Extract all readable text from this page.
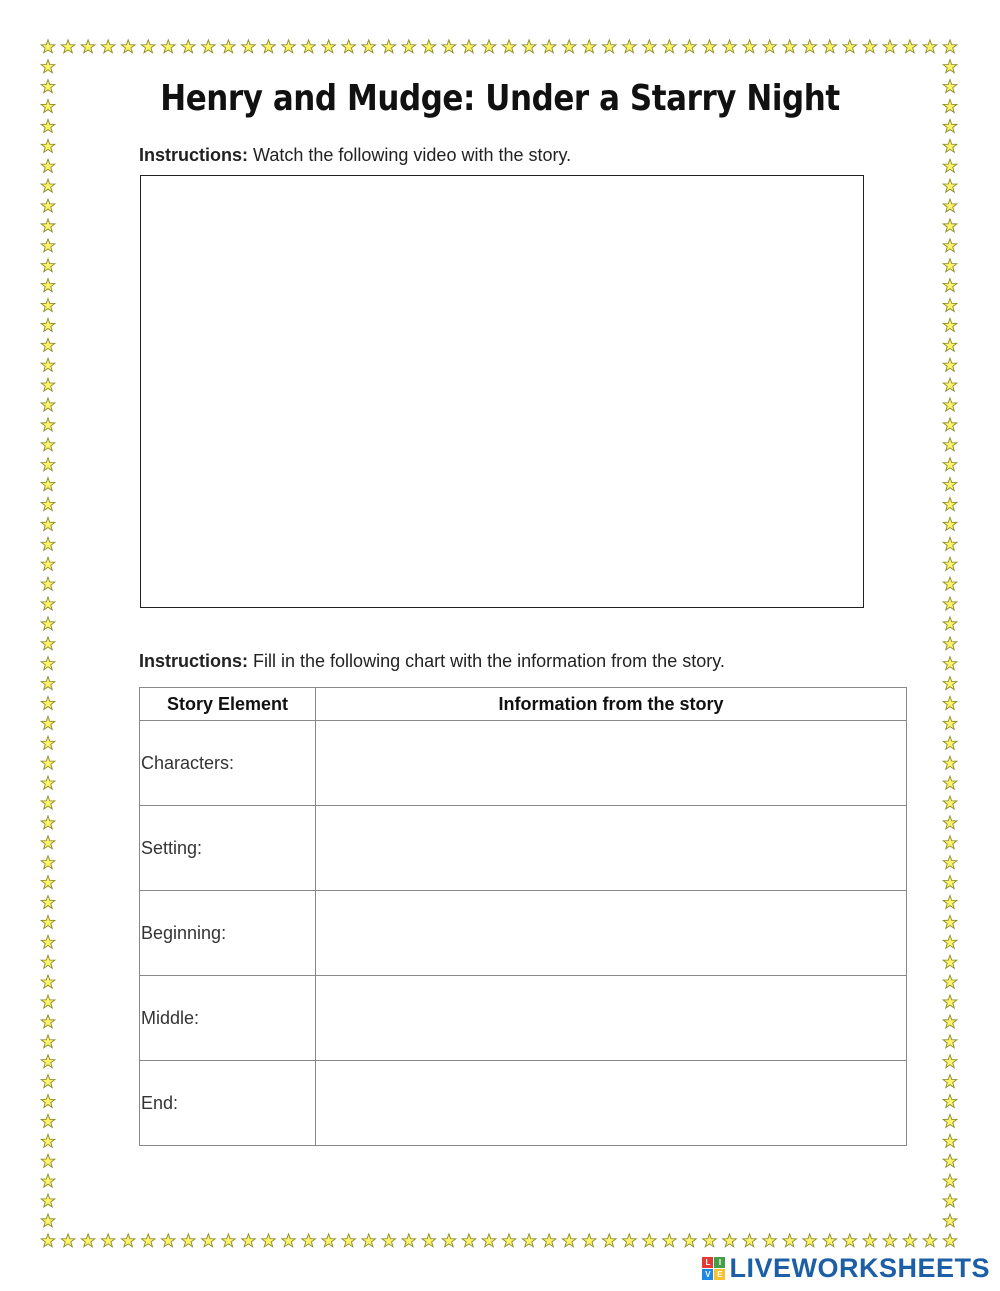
Henry and Mudge: Under a Starry Night
Instructions: Watch the following video with the story.
Instructions: Fill in the following chart with the information from the story.
Story Element	Information from the story
Characters:	
Setting:	
Beginning:	
Middle:	
End:	
L	I
V E LIVEWORKSHEETS
